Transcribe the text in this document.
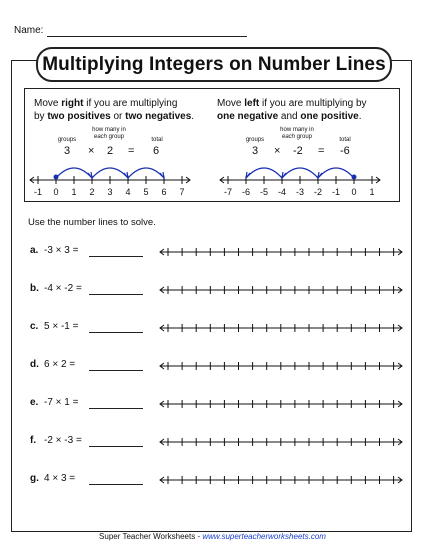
Name:
Multiplying Integers on Number Lines
Move right if you are multiplying
by two positives or two negatives.
groups
how many in
each group	total
3 × 2 = 6
-1 0 1 2 3 4 5 6 7
Move left if you are multiplying by
one negative and one positive.
groups
how many in
each group	total
3 × -2 = -6
-7 -6 -5 -4 -3 -2 -1 0 1
Use the number lines to solve.
a. -3 × 3 =
b. -4 × -2 =
c. 5 × -1 =
d. 6 × 2 =
e. -7 × 1 =
f. -2 × -3 =
g. 4 × 3 =
Super Teacher Worksheets - www.superteacherworksheets.com
